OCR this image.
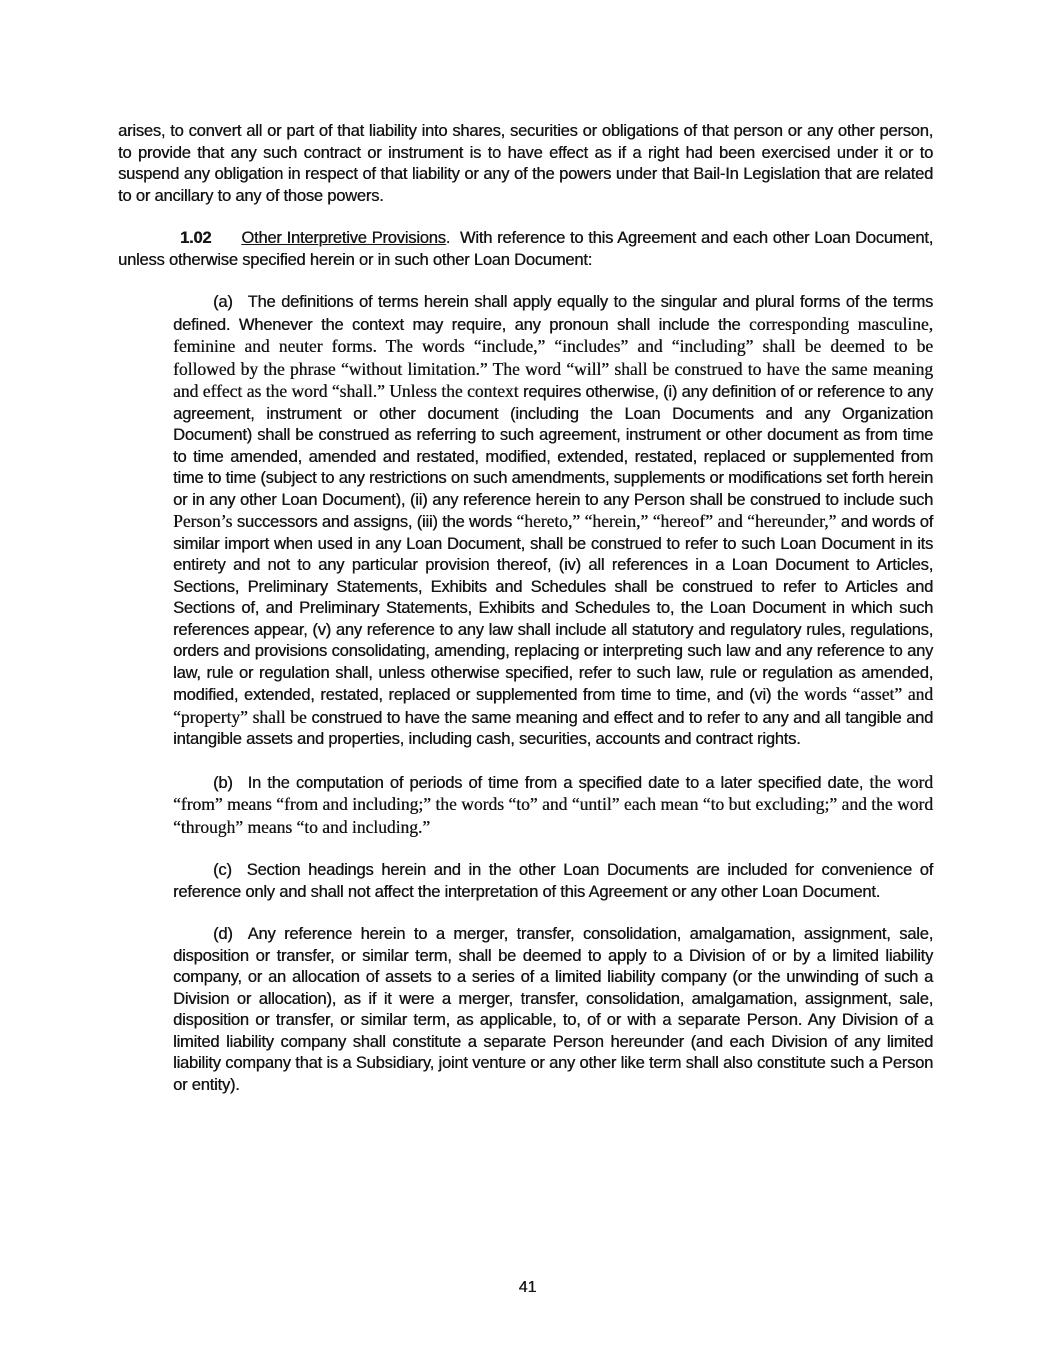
arises, to convert all or part of that liability into shares, securities or obligations of that person or any other person, to provide that any such contract or instrument is to have effect as if a right had been exercised under it or to suspend any obligation in respect of that liability or any of the powers under that Bail-In Legislation that are related to or ancillary to any of those powers.

1.02 Other Interpretive Provisions.  With reference to this Agreement and each other Loan Document, unless otherwise specified herein or in such other Loan Document:

(a) The definitions of terms herein shall apply equally to the singular and plural forms of the terms defined. Whenever the context may require, any pronoun shall include the corresponding masculine, feminine and neuter forms. The words “include,” “includes” and “including” shall be deemed to be followed by the phrase “without limitation.” The word “will” shall be construed to have the same meaning and effect as the word “shall.” Unless the context requires otherwise, (i) any definition of or reference to any agreement, instrument or other document (including the Loan Documents and any Organization Document) shall be construed as referring to such agreement, instrument or other document as from time to time amended, amended and restated, modified, extended, restated, replaced or supplemented from time to time (subject to any restrictions on such amendments, supplements or modifications set forth herein or in any other Loan Document), (ii) any reference herein to any Person shall be construed to include such Person’s successors and assigns, (iii) the words “hereto,” “herein,” “hereof” and “hereunder,” and words of similar import when used in any Loan Document, shall be construed to refer to such Loan Document in its entirety and not to any particular provision thereof, (iv) all references in a Loan Document to Articles, Sections, Preliminary Statements, Exhibits and Schedules shall be construed to refer to Articles and Sections of, and Preliminary Statements, Exhibits and Schedules to, the Loan Document in which such references appear, (v) any reference to any law shall include all statutory and regulatory rules, regulations, orders and provisions consolidating, amending, replacing or interpreting such law and any reference to any law, rule or regulation shall, unless otherwise specified, refer to such law, rule or regulation as amended, modified, extended, restated, replaced or supplemented from time to time, and (vi) the words “asset” and “property” shall be construed to have the same meaning and effect and to refer to any and all tangible and intangible assets and properties, including cash, securities, accounts and contract rights.

(b) In the computation of periods of time from a specified date to a later specified date, the word “from” means “from and including;” the words “to” and “until” each mean “to but excluding;” and the word “through” means “to and including.”

(c) Section headings herein and in the other Loan Documents are included for convenience of reference only and shall not affect the interpretation of this Agreement or any other Loan Document.

(d) Any reference herein to a merger, transfer, consolidation, amalgamation, assignment, sale, disposition or transfer, or similar term, shall be deemed to apply to a Division of or by a limited liability company, or an allocation of assets to a series of a limited liability company (or the unwinding of such a Division or allocation), as if it were a merger, transfer, consolidation, amalgamation, assignment, sale, disposition or transfer, or similar term, as applicable, to, of or with a separate Person. Any Division of a limited liability company shall constitute a separate Person hereunder (and each Division of any limited liability company that is a Subsidiary, joint venture or any other like term shall also constitute such a Person or entity).

41
